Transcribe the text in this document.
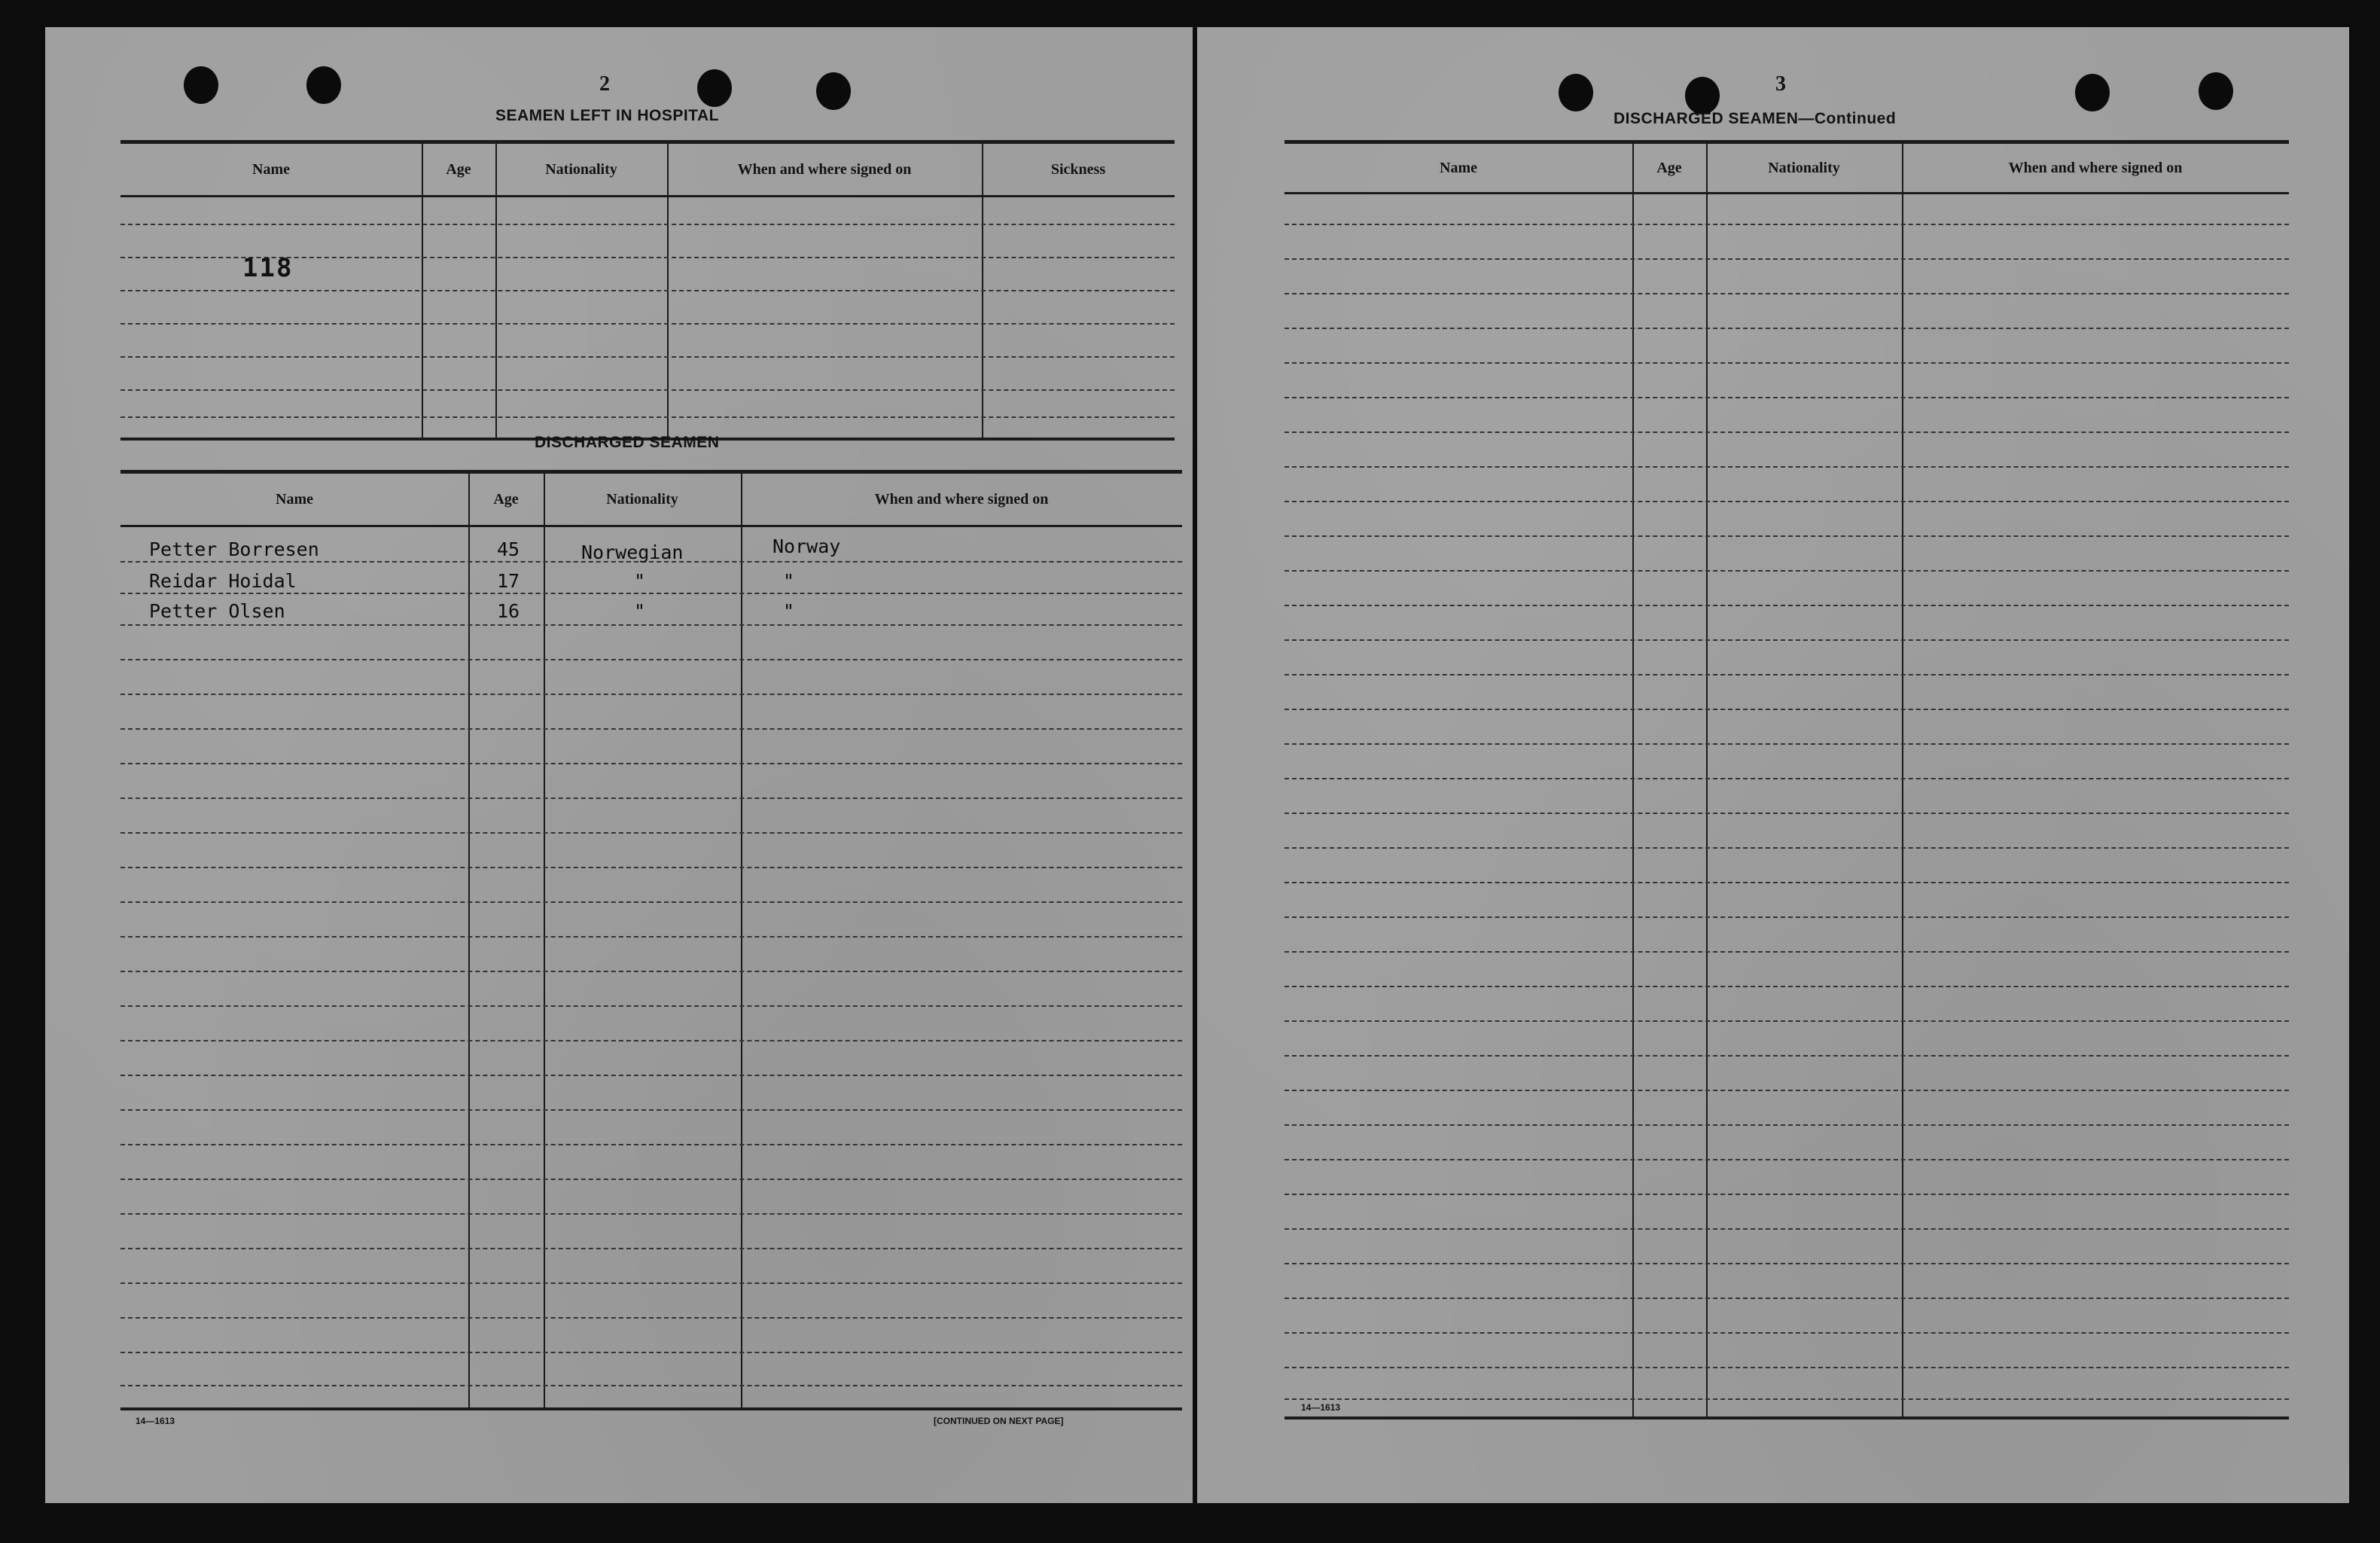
2
SEAMEN LEFT IN HOSPITAL
Name	Age	Nationality	When and where signed on	Sickness
118
DISCHARGED SEAMEN
Name	Age	Nationality	When and where signed on
Petter Borresen	45	Norwegian	Norway
Reidar Hoidal	17	"	"
Petter Olsen	16	"	"
14—1613	[CONTINUED ON NEXT PAGE]
3
DISCHARGED SEAMEN—Continued
Name	Age	Nationality	When and where signed on
14—1613
